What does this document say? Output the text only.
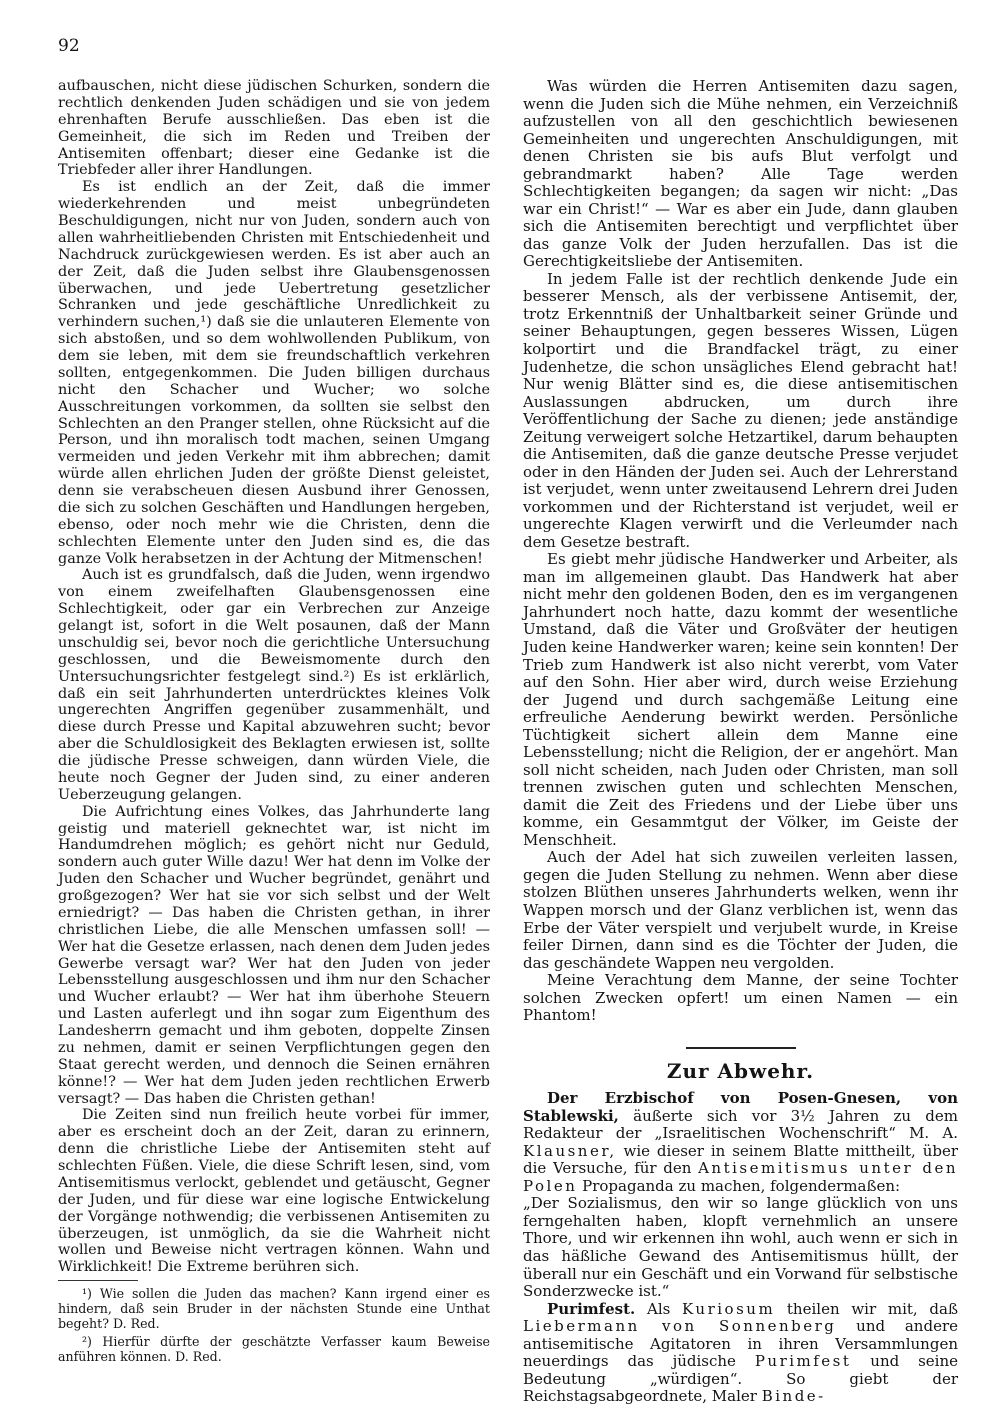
92

aufbauschen, nicht diese jüdischen Schurken, sondern die rechtlich denkenden Juden schädigen und sie von jedem ehrenhaften Berufe ausschließen. Das eben ist die Gemeinheit, die sich im Reden und Treiben der Antisemiten offenbart; dieser eine Gedanke ist die Triebfeder aller ihrer Handlungen.

Es ist endlich an der Zeit, daß die immer wiederkehrenden und meist unbegründeten Beschuldigungen, nicht nur von Juden, sondern auch von allen wahrheitliebenden Christen mit Entschiedenheit und Nachdruck zurückgewiesen werden. Es ist aber auch an der Zeit, daß die Juden selbst ihre Glaubensgenossen überwachen, und jede Uebertretung gesetzlicher Schranken und jede geschäftliche Unredlichkeit zu verhindern suchen,¹) daß sie die unlauteren Elemente von sich abstoßen, und so dem wohlwollenden Publikum, von dem sie leben, mit dem sie freundschaftlich verkehren sollten, entgegenkommen. Die Juden billigen durchaus nicht den Schacher und Wucher; wo solche Ausschreitungen vorkommen, da sollten sie selbst den Schlechten an den Pranger stellen, ohne Rücksicht auf die Person, und ihn moralisch todt machen, seinen Umgang vermeiden und jeden Verkehr mit ihm abbrechen; damit würde allen ehrlichen Juden der größte Dienst geleistet, denn sie verabscheuen diesen Ausbund ihrer Genossen, die sich zu solchen Geschäften und Handlungen hergeben, ebenso, oder noch mehr wie die Christen, denn die schlechten Elemente unter den Juden sind es, die das ganze Volk herabsetzen in der Achtung der Mitmenschen!

Auch ist es grundfalsch, daß die Juden, wenn irgendwo von einem zweifelhaften Glaubensgenossen eine Schlechtigkeit, oder gar ein Verbrechen zur Anzeige gelangt ist, sofort in die Welt posaunen, daß der Mann unschuldig sei, bevor noch die gerichtliche Untersuchung geschlossen, und die Beweismomente durch den Untersuchungsrichter festgelegt sind.²) Es ist erklärlich, daß ein seit Jahrhunderten unterdrücktes kleines Volk ungerechten Angriffen gegenüber zusammenhält, und diese durch Presse und Kapital abzuwehren sucht; bevor aber die Schuldlosigkeit des Beklagten erwiesen ist, sollte die jüdische Presse schweigen, dann würden Viele, die heute noch Gegner der Juden sind, zu einer anderen Ueberzeugung gelangen.

Die Aufrichtung eines Volkes, das Jahrhunderte lang geistig und materiell geknechtet war, ist nicht im Handumdrehen möglich; es gehört nicht nur Geduld, sondern auch guter Wille dazu! Wer hat denn im Volke der Juden den Schacher und Wucher begründet, genährt und großgezogen? Wer hat sie vor sich selbst und der Welt erniedrigt? — Das haben die Christen gethan, in ihrer christlichen Liebe, die alle Menschen umfassen soll! — Wer hat die Gesetze erlassen, nach denen dem Juden jedes Gewerbe versagt war? Wer hat den Juden von jeder Lebensstellung ausgeschlossen und ihm nur den Schacher und Wucher erlaubt? — Wer hat ihm überhohe Steuern und Lasten auferlegt und ihn sogar zum Eigenthum des Landesherrn gemacht und ihm geboten, doppelte Zinsen zu nehmen, damit er seinen Verpflichtungen gegen den Staat gerecht werden, und dennoch die Seinen ernähren könne!? — Wer hat dem Juden jeden rechtlichen Erwerb versagt? — Das haben die Christen gethan!

Die Zeiten sind nun freilich heute vorbei für immer, aber es erscheint doch an der Zeit, daran zu erinnern, denn die christliche Liebe der Antisemiten steht auf schlechten Füßen. Viele, die diese Schrift lesen, sind, vom Antisemitismus verlockt, geblendet und getäuscht, Gegner der Juden, und für diese war eine logische Entwickelung der Vorgänge nothwendig; die verbissenen Antisemiten zu überzeugen, ist unmöglich, da sie die Wahrheit nicht wollen und Beweise nicht vertragen können. Wahn und Wirklichkeit! Die Extreme berühren sich.

¹) Wie sollen die Juden das machen? Kann irgend einer es hindern, daß sein Bruder in der nächsten Stunde eine Unthat begeht? D. Red.

²) Hierfür dürfte der geschätzte Verfasser kaum Beweise anführen können. D. Red.

Was würden die Herren Antisemiten dazu sagen, wenn die Juden sich die Mühe nehmen, ein Verzeichniß aufzustellen von all den geschichtlich bewiesenen Gemeinheiten und ungerechten Anschuldigungen, mit denen Christen sie bis aufs Blut verfolgt und gebrandmarkt haben? Alle Tage werden Schlechtigkeiten begangen; da sagen wir nicht: „Das war ein Christ!“ — War es aber ein Jude, dann glauben sich die Antisemiten berechtigt und verpflichtet über das ganze Volk der Juden herzufallen. Das ist die Gerechtigkeitsliebe der Antisemiten.

In jedem Falle ist der rechtlich denkende Jude ein besserer Mensch, als der verbissene Antisemit, der, trotz Erkenntniß der Unhaltbarkeit seiner Gründe und seiner Behauptungen, gegen besseres Wissen, Lügen kolportirt und die Brandfackel trägt, zu einer Judenhetze, die schon unsägliches Elend gebracht hat! Nur wenig Blätter sind es, die diese antisemitischen Auslassungen abdrucken, um durch ihre Veröffentlichung der Sache zu dienen; jede anständige Zeitung verweigert solche Hetzartikel, darum behaupten die Antisemiten, daß die ganze deutsche Presse verjudet oder in den Händen der Juden sei. Auch der Lehrerstand ist verjudet, wenn unter zweitausend Lehrern drei Juden vorkommen und der Richterstand ist verjudet, weil er ungerechte Klagen verwirft und die Verleumder nach dem Gesetze bestraft.

Es giebt mehr jüdische Handwerker und Arbeiter, als man im allgemeinen glaubt. Das Handwerk hat aber nicht mehr den goldenen Boden, den es im vergangenen Jahrhundert noch hatte, dazu kommt der wesentliche Umstand, daß die Väter und Großväter der heutigen Juden keine Handwerker waren; keine sein konnten! Der Trieb zum Handwerk ist also nicht vererbt, vom Vater auf den Sohn. Hier aber wird, durch weise Erziehung der Jugend und durch sachgemäße Leitung eine erfreuliche Aenderung bewirkt werden. Persönliche Tüchtigkeit sichert allein dem Manne eine Lebensstellung; nicht die Religion, der er angehört. Man soll nicht scheiden, nach Juden oder Christen, man soll trennen zwischen guten und schlechten Menschen, damit die Zeit des Friedens und der Liebe über uns komme, ein Gesammtgut der Völker, im Geiste der Menschheit.

Auch der Adel hat sich zuweilen verleiten lassen, gegen die Juden Stellung zu nehmen. Wenn aber diese stolzen Blüthen unseres Jahrhunderts welken, wenn ihr Wappen morsch und der Glanz verblichen ist, wenn das Erbe der Väter verspielt und verjubelt wurde, in Kreise feiler Dirnen, dann sind es die Töchter der Juden, die das geschändete Wappen neu vergolden.

Meine Verachtung dem Manne, der seine Tochter solchen Zwecken opfert! um einen Namen — ein Phantom!

Zur Abwehr.

Der Erzbischof von Posen-Gnesen, von Stablewski, äußerte sich vor 3½ Jahren zu dem Redakteur der „Israelitischen Wochenschrift“ M. A. Klausner, wie dieser in seinem Blatte mittheilt, über die Versuche, für den Antisemitismus unter den Polen Propaganda zu machen, folgendermaßen:

„Der Sozialismus, den wir so lange glücklich von uns ferngehalten haben, klopft vernehmlich an unsere Thore, und wir erkennen ihn wohl, auch wenn er sich in das häßliche Gewand des Antisemitismus hüllt, der überall nur ein Geschäft und ein Vorwand für selbstische Sonderzwecke ist.“

Purimfest. Als Kuriosum theilen wir mit, daß Liebermann von Sonnenberg und andere antisemitische Agitatoren in ihren Versammlungen neuerdings das jüdische Purimfest und seine Bedeutung „würdigen“. So giebt der Reichstagsabgeordnete, Maler Binde-
